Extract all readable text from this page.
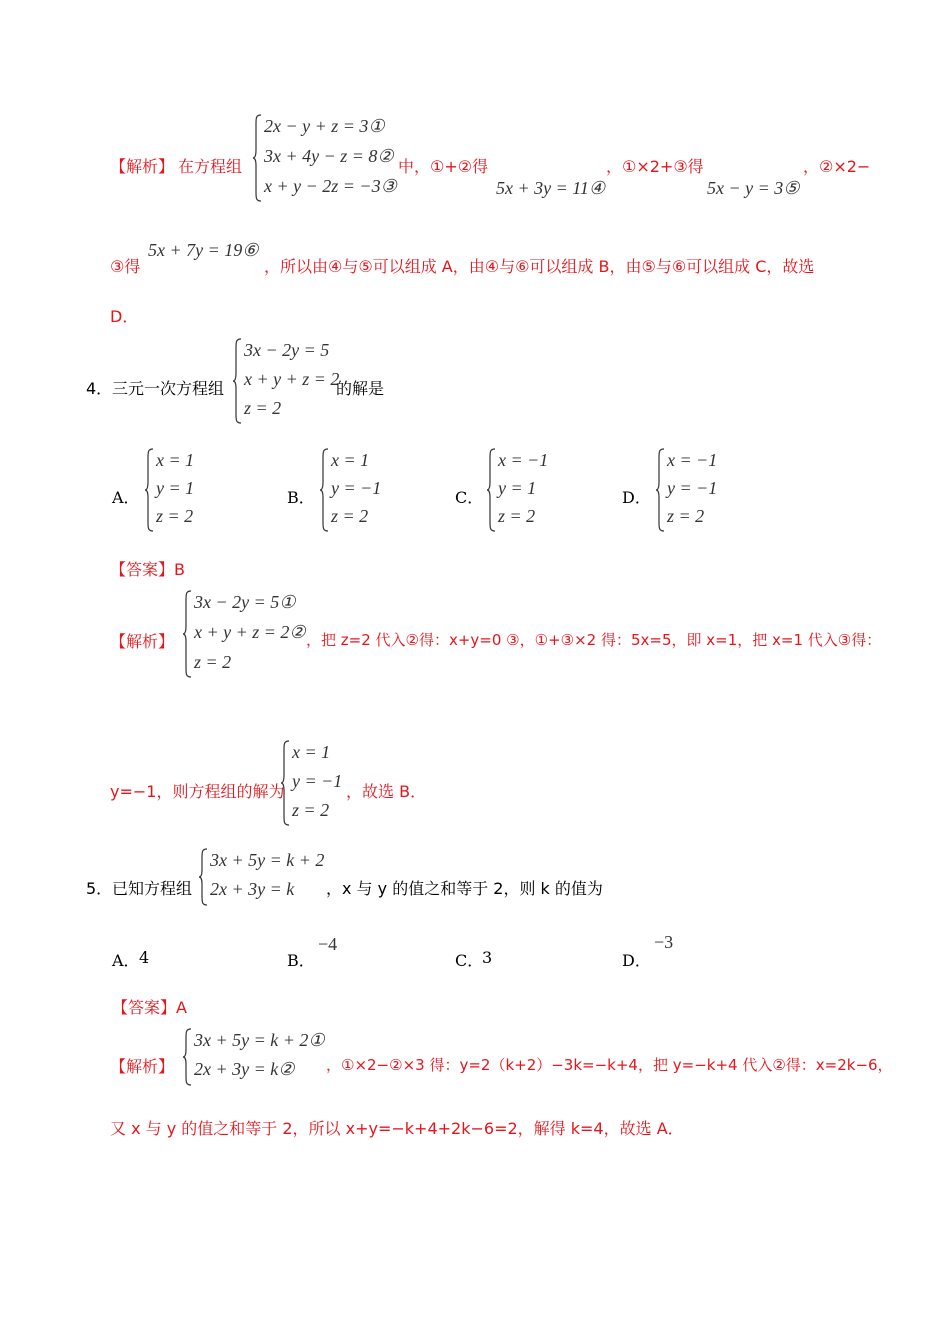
【解析】 在方程组
2x − y + z = 3①
3x + 4y − z = 8②
x + y − 2z = −3③
中，①+②得
5x + 3y = 11④
，①×2+③得
5x − y = 3⑤
，②×2−
③得
5x + 7y = 19⑥
，所以由④与⑤可以组成 A，由④与⑥可以组成 B，由⑤与⑥可以组成 C，故选
D．
4． 三元一次方程组
3x − 2y = 5
x + y + z = 2
z = 2
的解是
A．
x = 1
y = 1
z = 2
B．
x = 1
y = −1
z = 2
C．
x = −1
y = 1
z = 2
D．
x = −1
y = −1
z = 2
【答案】B
【解析】
3x − 2y = 5①
x + y + z = 2②
z = 2
，把 z=2 代入②得：x+y=0 ③，①+③×2 得：5x=5，即 x=1，把 x=1 代入③得：
y=−1，则方程组的解为
x = 1
y = −1
z = 2
，故选 B．
5． 已知方程组
3x + 5y = k + 2
2x + 3y = k ，x 与 y 的值之和等于 2，则 k 的值为
A． 4	B．
−4
C．
3	D．
−3
【答案】A
【解析】
3x + 5y = k + 2①
2x + 3y = k② ，①×2−②×3 得：y=2（k+2）−3k=−k+4，把 y=−k+4 代入②得：x=2k−6，
又 x 与 y 的值之和等于 2，所以 x+y=−k+4+2k−6=2，解得 k=4，故选 A．
